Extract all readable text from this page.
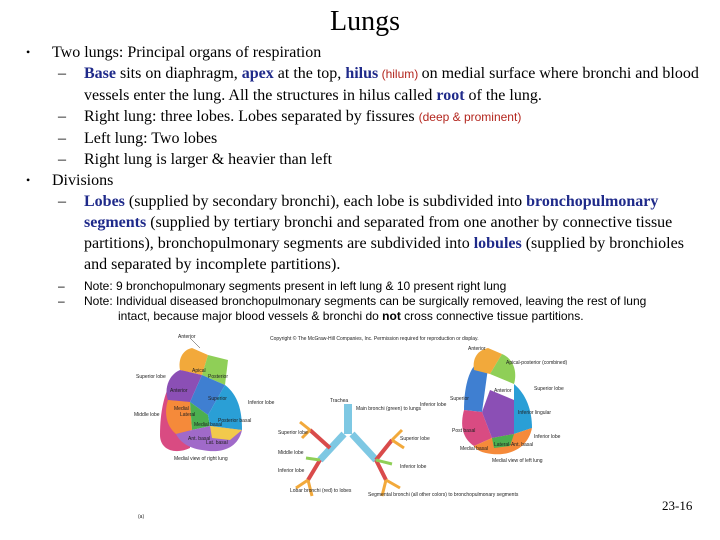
Lungs
• Two lungs: Principal organs of respiration
– Base sits on diaphragm, apex at the top, hilus (hilum) on medial surface where bronchi and blood vessels enter the lung. All the structures in hilus called root of the lung.
– Right lung: three lobes. Lobes separated by fissures (deep & prominent)
– Left lung: Two lobes
– Right lung is larger & heavier than left
• Divisions
– Lobes (supplied by secondary bronchi), each lobe is subdivided into bronchopulmonary segments (supplied by tertiary bronchi and separated from one another by connective tissue partitions), bronchopulmonary segments are subdivided into lobules (supplied by bronchioles and separated by incomplete partitions).
– Note: 9 bronchopulmonary segments present in left lung & 10 present right lung
– Note: Individual diseased bronchopulmonary segments can be surgically removed, leaving the rest of lung
intact, because major blood vessels & bronchi do not cross connective tissue partitions.
Copyright © The McGraw-Hill Companies, Inc. Permission required for reproduction or display.
Anterior
Superior lobe
Apical
Posterior
Anterior
Superior
Lateral
Medial
Middle lobe
Inferior lobe
Medial basal
Posterior basal
Ant. basal
Lat. basal
Medial view of right lung
Trachea
Main bronchi (green) to lungs
Superior lobe
Middle lobe
Inferior lobe
Inferior lobe
Superior lobe
Inferior lobe
Lobar bronchi (red) to lobes
Segmental bronchi (all other colors) to bronchopulmonary segments
Anterior
Apical-posterior (combined)
Superior lobe
Superior
Anterior
Inferior lingular
Post basal
Lateral-Ant. basal
Medial basal
Inferior lobe
Medial view of left lung
(a)
23-16
